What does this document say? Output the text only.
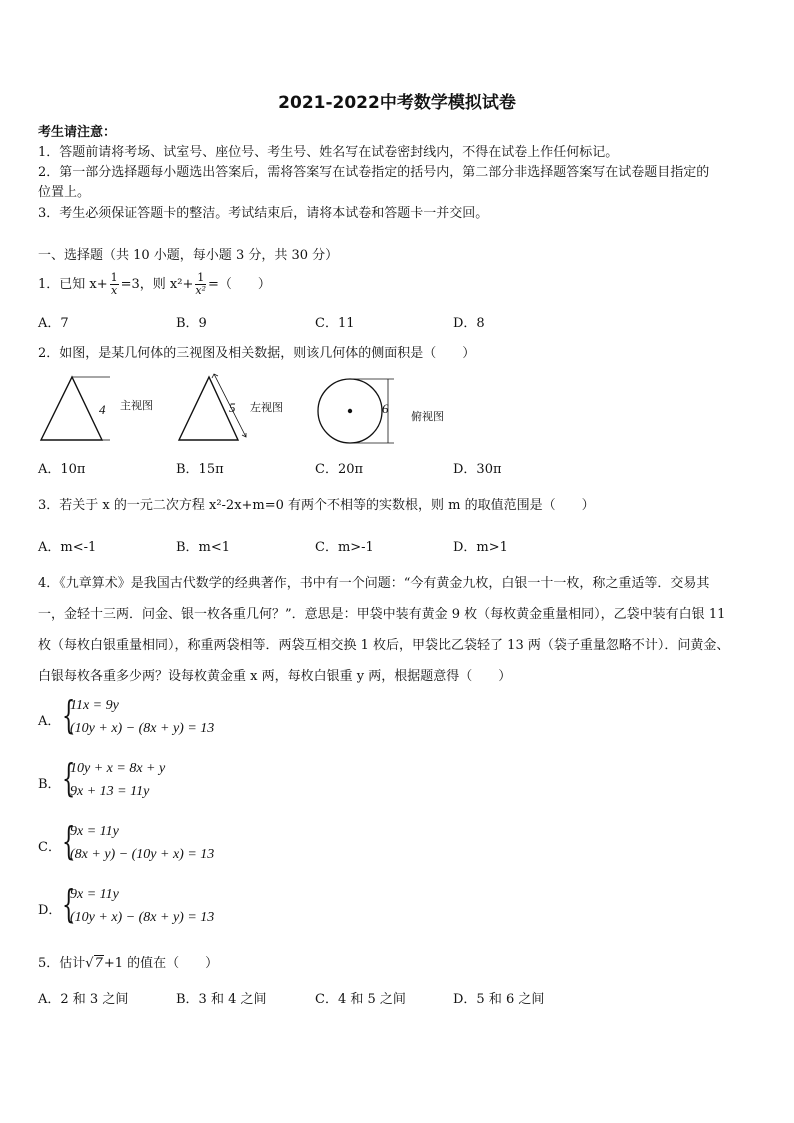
2021-2022中考数学模拟试卷
考生请注意：
1．答题前请将考场、试室号、座位号、考生号、姓名写在试卷密封线内，不得在试卷上作任何标记。
2．第一部分选择题每小题选出答案后，需将答案写在试卷指定的括号内，第二部分非选择题答案写在试卷题目指定的
位置上。
3．考生必须保证答题卡的整洁。考试结束后，请将本试卷和答题卡一并交回。
一、选择题（共 10 小题，每小题 3 分，共 30 分）
1．已知 $x+ \frac{1}{x} =3$，则 $x^2+ \frac{1}{\text{x²}}$ =（　　）
A．7	B．9	C．11	D．8
2．如图，是某几何体的三视图及相关数据，则该几何体的侧面积是（　　）
4 主视图	5 左视图	6
俯视图
A．10π	B．15π	C．20π	D．30π
3．若关于 x 的一元二次方程 x²-2x+m=0 有两个不相等的实数根，则 m 的取值范围是（　　）
A．m<-1	B．m<1	C．m>-1	D．m>1
4．《九章算术》是我国古代数学的经典著作，书中有一个问题：“今有黄金九枚，白银一十一枚，称之重适等．交易其
一，金轻十三两．问金、银一枚各重几何？”．意思是：甲袋中装有黄金 9 枚（每枚黄金重量相同），乙袋中装有白银 11
枚（每枚白银重量相同），称重两袋相等．两袋互相交换 1 枚后，甲袋比乙袋轻了 13 两（袋子重量忽略不计）．问黄金、
白银每枚各重多少两？设每枚黄金重 x 两，每枚白银重 y 两，根据题意得（　　）
A． {
11x = 9y
(10y + x) − (8x + y) = 13
B． {
10y + x = 8x + y
9x + 13 = 11y
C． {
9x = 11y
(8x + y) − (10y + x) = 13
D． {
9x = 11y
(10y + x) − (8x + y) = 13
5．估计√7+1 的值在（　　）
A．2 和 3 之间	B．3 和 4 之间	C．4 和 5 之间	D．5 和 6 之间
